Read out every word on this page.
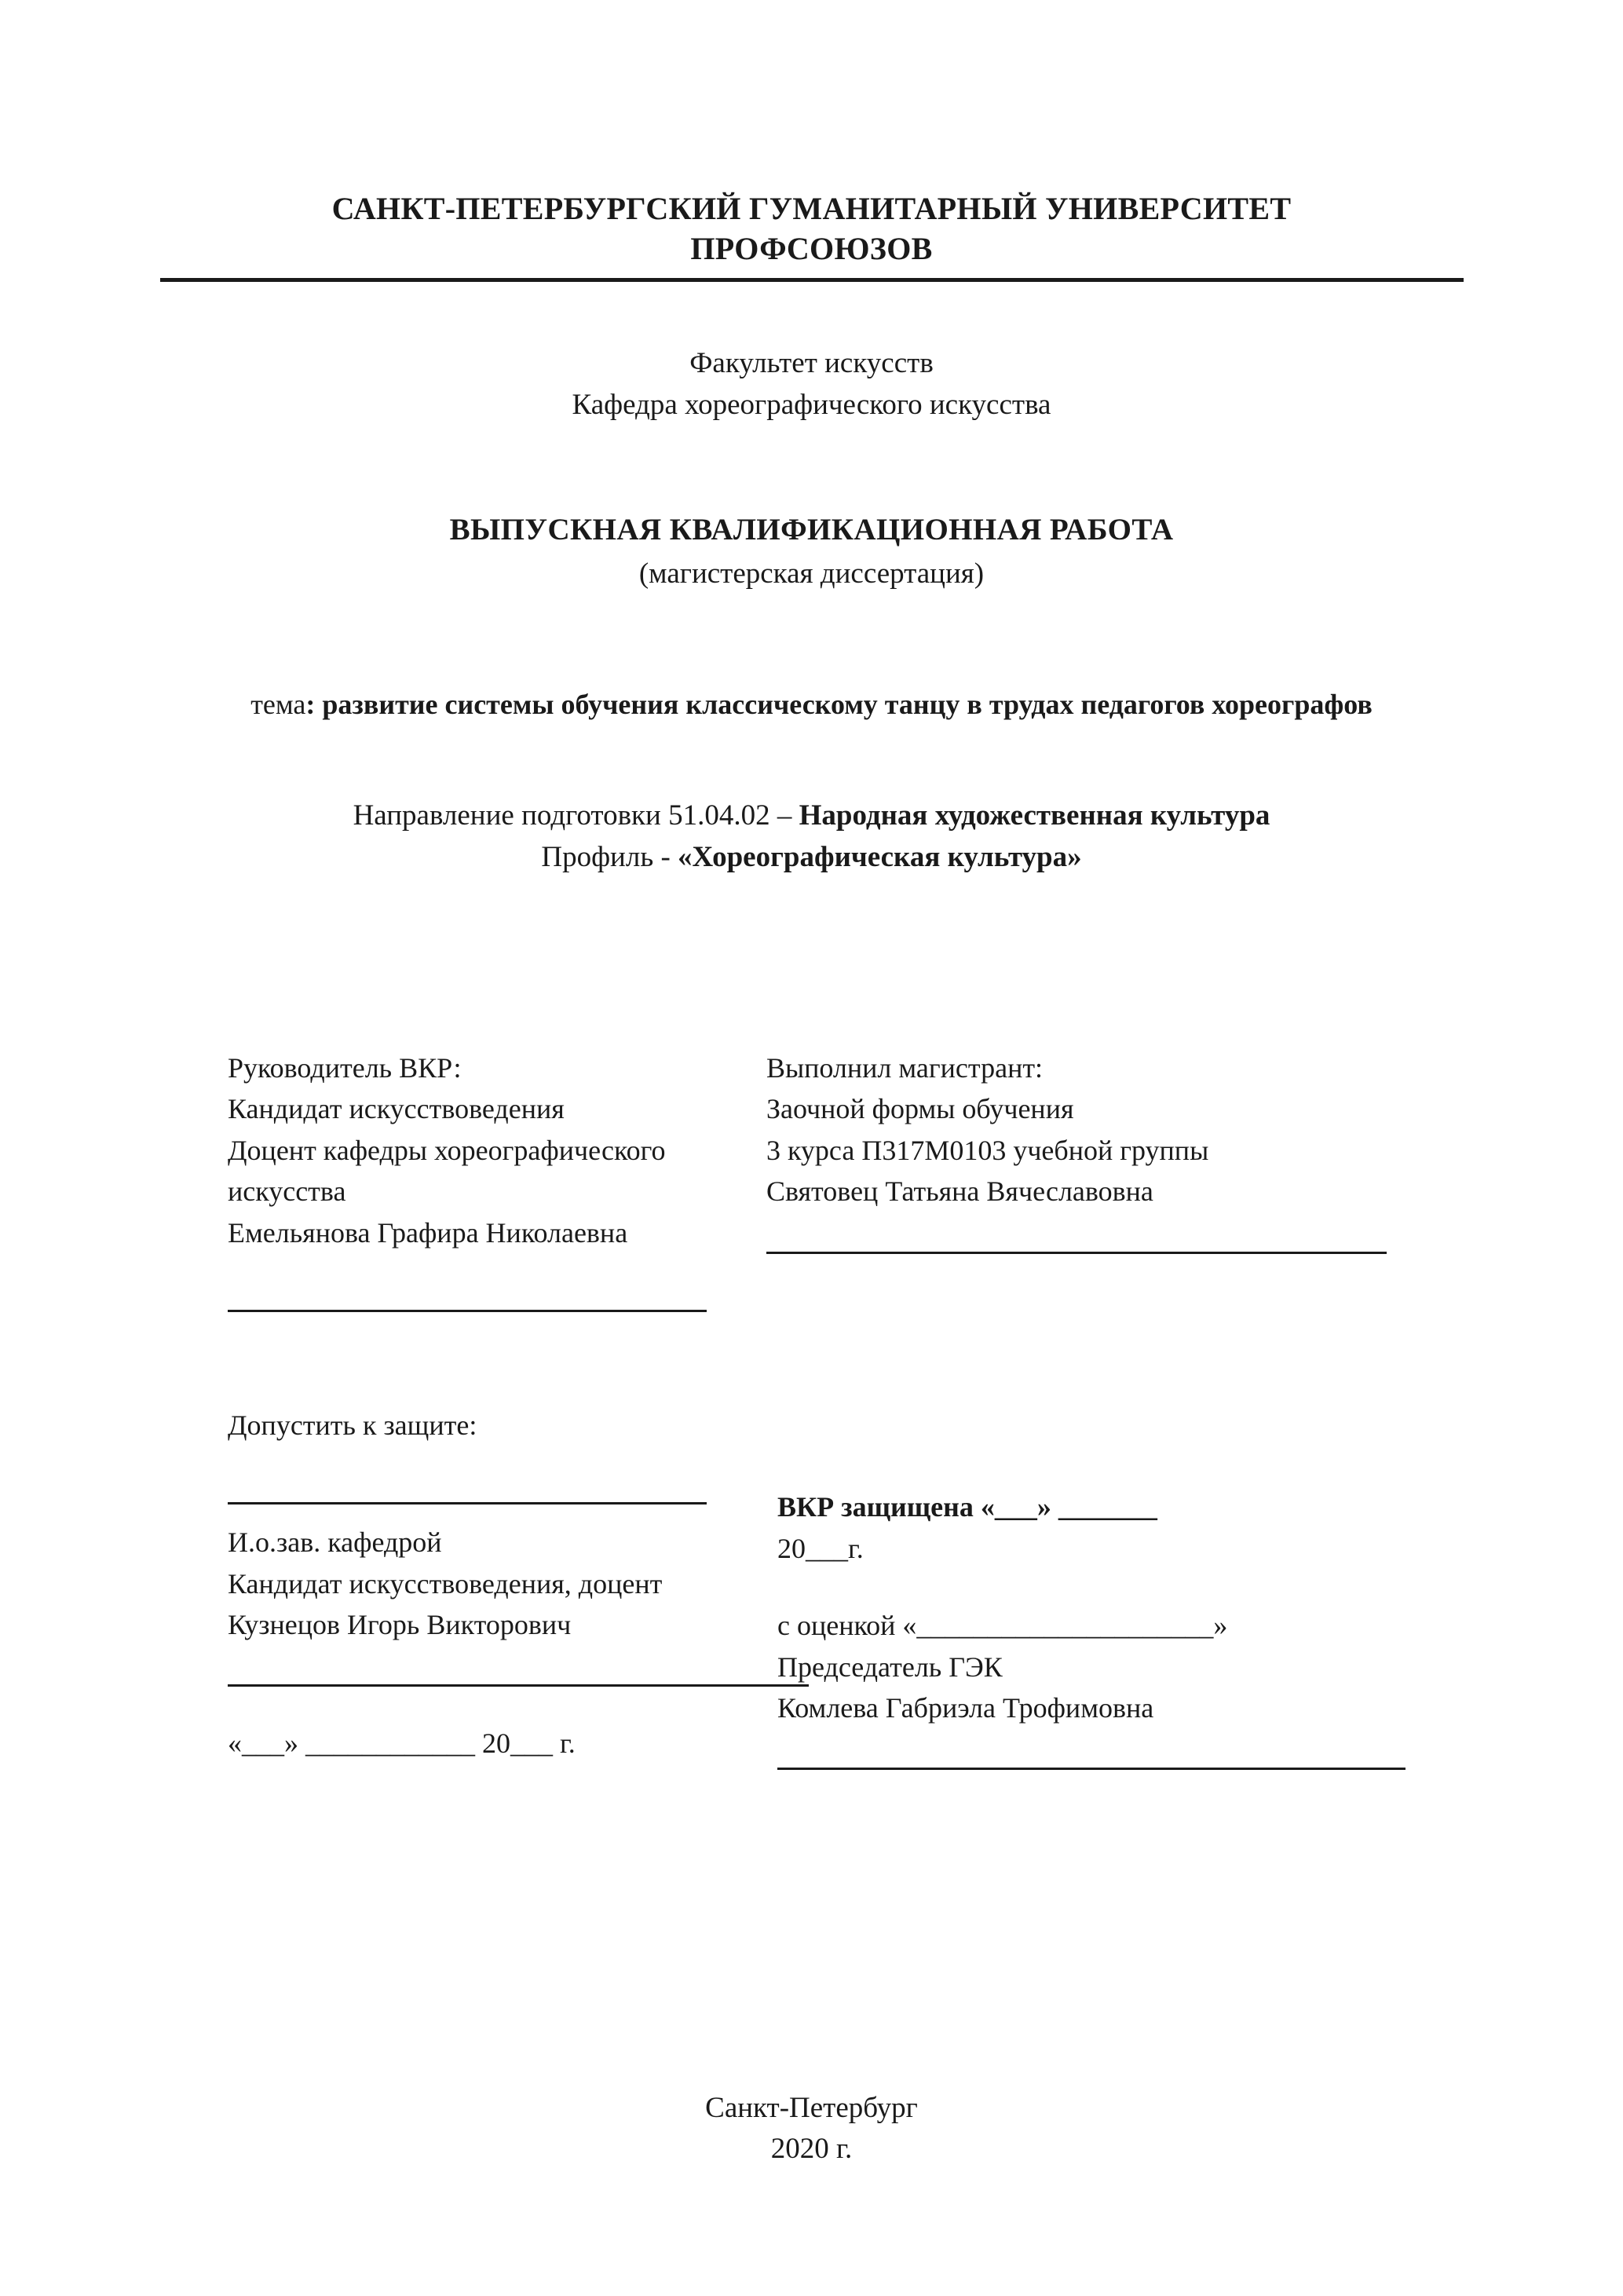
САНКТ-ПЕТЕРБУРГСКИЙ ГУМАНИТАРНЫЙ УНИВЕРСИТЕТ
ПРОФСОЮЗОВ
Факультет искусств
Кафедра хореографического искусства
ВЫПУСКНАЯ КВАЛИФИКАЦИОННАЯ РАБОТА
(магистерская диссертация)
тема: развитие системы обучения классическому танцу в трудах педагогов хореографов
Направление подготовки 51.04.02 – Народная художественная культура
Профиль - «Хореографическая культура»
Руководитель ВКР:
Кандидат искусствоведения
Доцент кафедры хореографического искусства
Емельянова Графира Николаевна
Выполнил магистрант:
Заочной формы обучения
3 курса П317М0103 учебной группы
Святовец Татьяна Вячеславовна
Допустить к защите:
И.о.зав. кафедрой
Кандидат искусствоведения, доцент
Кузнецов Игорь Викторович
«___» ____________ 20___ г.
ВКР защищена «___» _______
20___г.
с оценкой «_____________________»
Председатель ГЭК
Комлева Габриэла Трофимовна
Санкт-Петербург
2020 г.
